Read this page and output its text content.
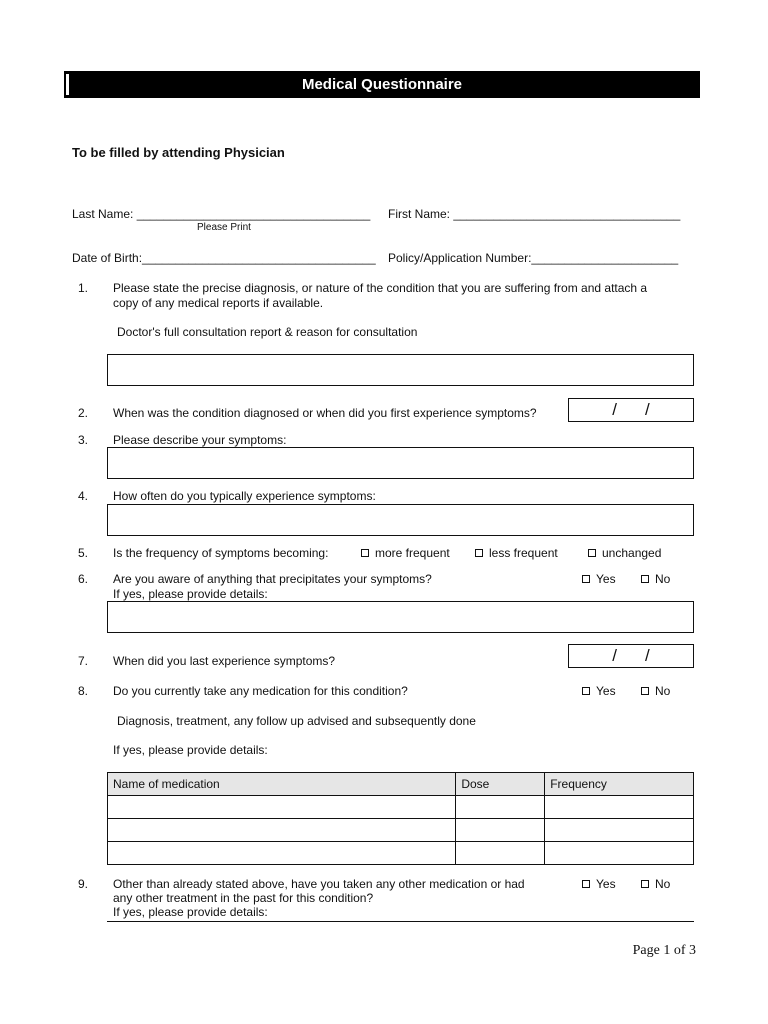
Medical Questionnaire
To be filled by attending Physician
Last Name: ___________________________________ First Name: __________________________________
Please Print
Date of Birth:___________________________________ Policy/Application Number:______________________
1. Please state the precise diagnosis, or nature of the condition that you are suffering from and attach a
copy of any medical reports if available.
Doctor's full consultation report & reason for consultation
2. When was the condition diagnosed or when did you first experience symptoms?	/ /
3. Please describe your symptoms:
4. How often do you typically experience symptoms:
5. Is the frequency of symptoms becoming:	more frequent	less frequent	unchanged
6. Are you aware of anything that precipitates your symptoms?
If yes, please provide details:
Yes	No
7. When did you last experience symptoms?	/ /
8. Do you currently take any medication for this condition?	Yes	No
Diagnosis, treatment, any follow up advised and subsequently done
If yes, please provide details:
Name of medication	Dose	Frequency

9. Other than already stated above, have you taken any other medication or had
any other treatment in the past for this condition?
If yes, please provide details:
Yes	No
Page 1 of 3
